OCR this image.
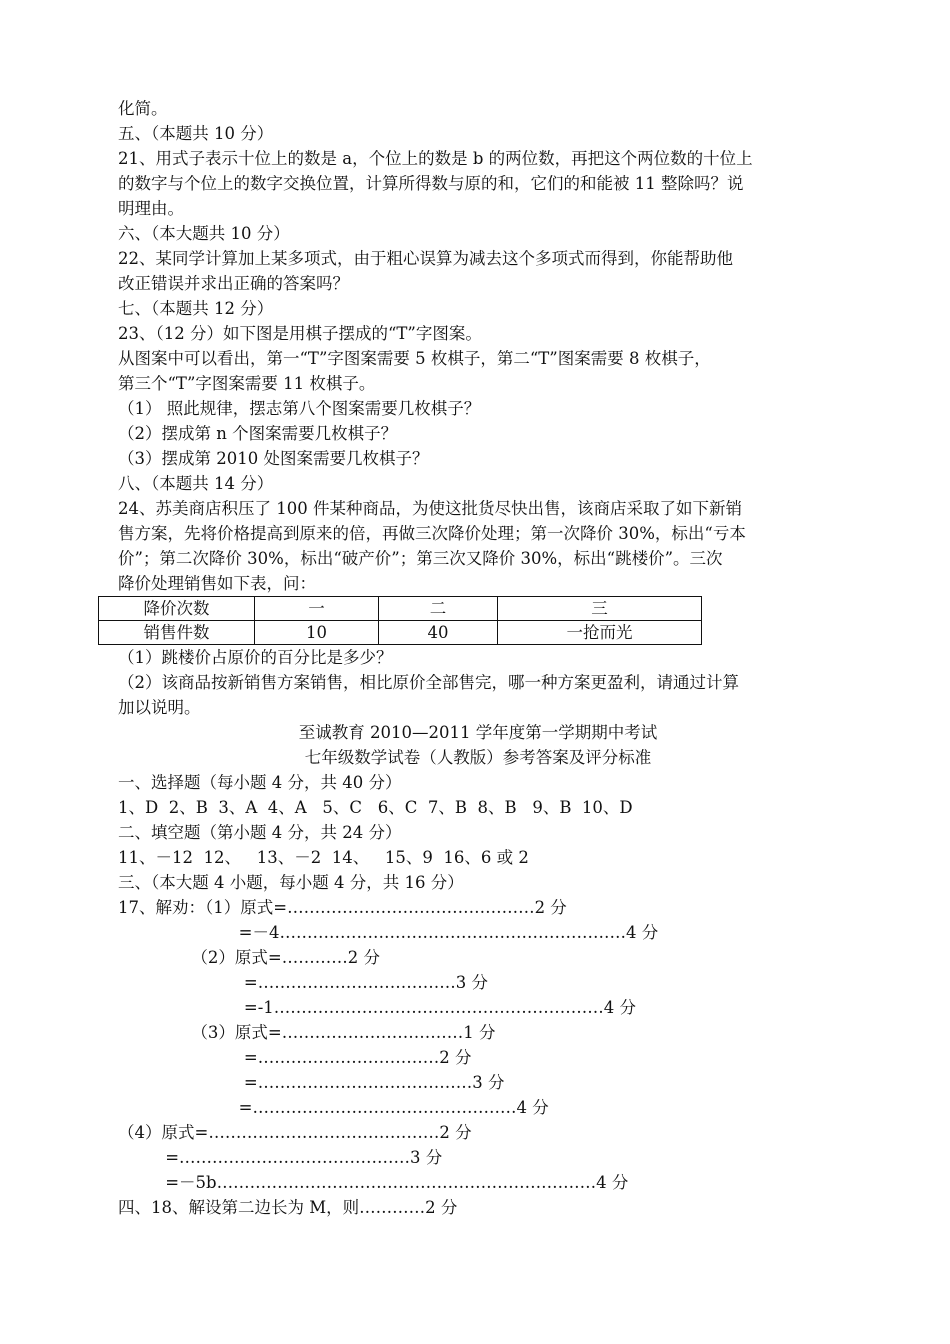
化简。
五、（本题共 10 分）
21、用式子表示十位上的数是 a，个位上的数是 b 的两位数，再把这个两位数的十位上
的数字与个位上的数字交换位置，计算所得数与原的和，它们的和能被 11 整除吗？说
明理由。
六、（本大题共 10 分）
22、某同学计算加上某多项式，由于粗心误算为减去这个多项式而得到，你能帮助他
改正错误并求出正确的答案吗？
七、（本题共 12 分）
23、（12 分）如下图是用棋子摆成的“T”字图案。
从图案中可以看出，第一“T”字图案需要 5 枚棋子，第二“T”图案需要 8 枚棋子，
第三个“T”字图案需要 11 枚棋子。
（1） 照此规律，摆志第八个图案需要几枚棋子？
（2）摆成第 n 个图案需要几枚棋子？
（3）摆成第 2010 处图案需要几枚棋子？
八、（本题共 14 分）
24、苏美商店积压了 100 件某种商品，为使这批货尽快出售，该商店采取了如下新销
售方案，先将价格提高到原来的倍，再做三次降价处理；第一次降价 30%，标出“亏本
价”；第二次降价 30%，标出“破产价”；第三次又降价 30%，标出“跳楼价”。三次
降价处理销售如下表，问：
降价次数	一	二	三
销售件数	10	40	一抢而光
（1）跳楼价占原价的百分比是多少？
（2）该商品按新销售方案销售，相比原价全部售完，哪一种方案更盈利，请通过计算
加以说明。
至诚教育 2010—2011 学年度第一学期期中考试
七年级数学试卷（人教版）参考答案及评分标准
一、选择题（每小题 4 分，共 40 分）
1、D  2、B  3、A  4、A   5、C   6、C  7、B  8、B   9、B  10、D
二、填空题（第小题 4 分，共 24 分）
11、－12  12、   13、－2  14、   15、9  16、6 或 2
三、（本大题 4 小题，每小题 4 分，共 16 分）
17、解劝：（1）原式=………………………………………2 分
=－4………………………………………………………4 分
（2）原式=…………2 分
=………………………………3 分
=-1……………………………………………………4 分
（3）原式=……………………………1 分
=……………………………2 分
=…………………………………3 分
=…………………………………………4 分
（4）原式=……………………………………2 分
=……………………………………3 分
=－5b……………………………………………………………4 分
四、18、解设第二边长为 M，则…………2 分
